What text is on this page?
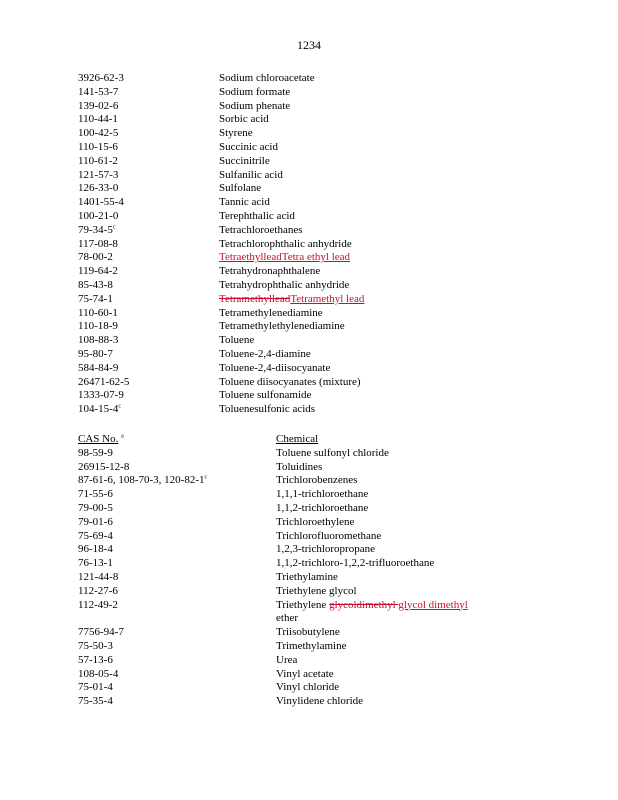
1234
3926-62-3	Sodium chloroacetate
141-53-7	Sodium formate
139-02-6	Sodium phenate
110-44-1	Sorbic acid
100-42-5	Styrene
110-15-6	Succinic acid
110-61-2	Succinitrile
121-57-3	Sulfanilic acid
126-33-0	Sulfolane
1401-55-4	Tannic acid
100-21-0	Terephthalic acid
79-34-5$^c$	Tetrachloroethanes
117-08-8	Tetrachlorophthalic anhydride
78-00-2	TetraethylleadTetra ethyl lead
119-64-2	Tetrahydronaphthalene
85-43-8	Tetrahydrophthalic anhydride
75-74-1	TetramethylleadTetramethyl lead
110-60-1	Tetramethylenediamine
110-18-9	Tetramethylethylenediamine
108-88-3	Toluene
95-80-7	Toluene-2,4-diamine
584-84-9	Toluene-2,4-diisocyanate
26471-62-5	Toluene diisocyanates (mixture)
1333-07-9	Toluene sulfonamide
104-15-4$^c$	Toluenesulfonic acids
CAS No. $^a$	Chemical
98-59-9	Toluene sulfonyl chloride
26915-12-8	Toluidines
87-61-6, 108-70-3, 120-82-1$^c$	Trichlorobenzenes
71-55-6	1,1,1-trichloroethane
79-00-5	1,1,2-trichloroethane
79-01-6	Trichloroethylene
75-69-4	Trichlorofluoromethane
96-18-4	1,2,3-trichloropropane
76-13-1	1,1,2-trichloro-1,2,2-trifluoroethane
121-44-8	Triethylamine
112-27-6	Triethylene glycol
112-49-2	Triethylene glycoldimethyl glycol dimethyl
ether
7756-94-7	Triisobutylene
75-50-3	Trimethylamine
57-13-6	Urea
108-05-4	Vinyl acetate
75-01-4	Vinyl chloride
75-35-4	Vinylidene chloride
